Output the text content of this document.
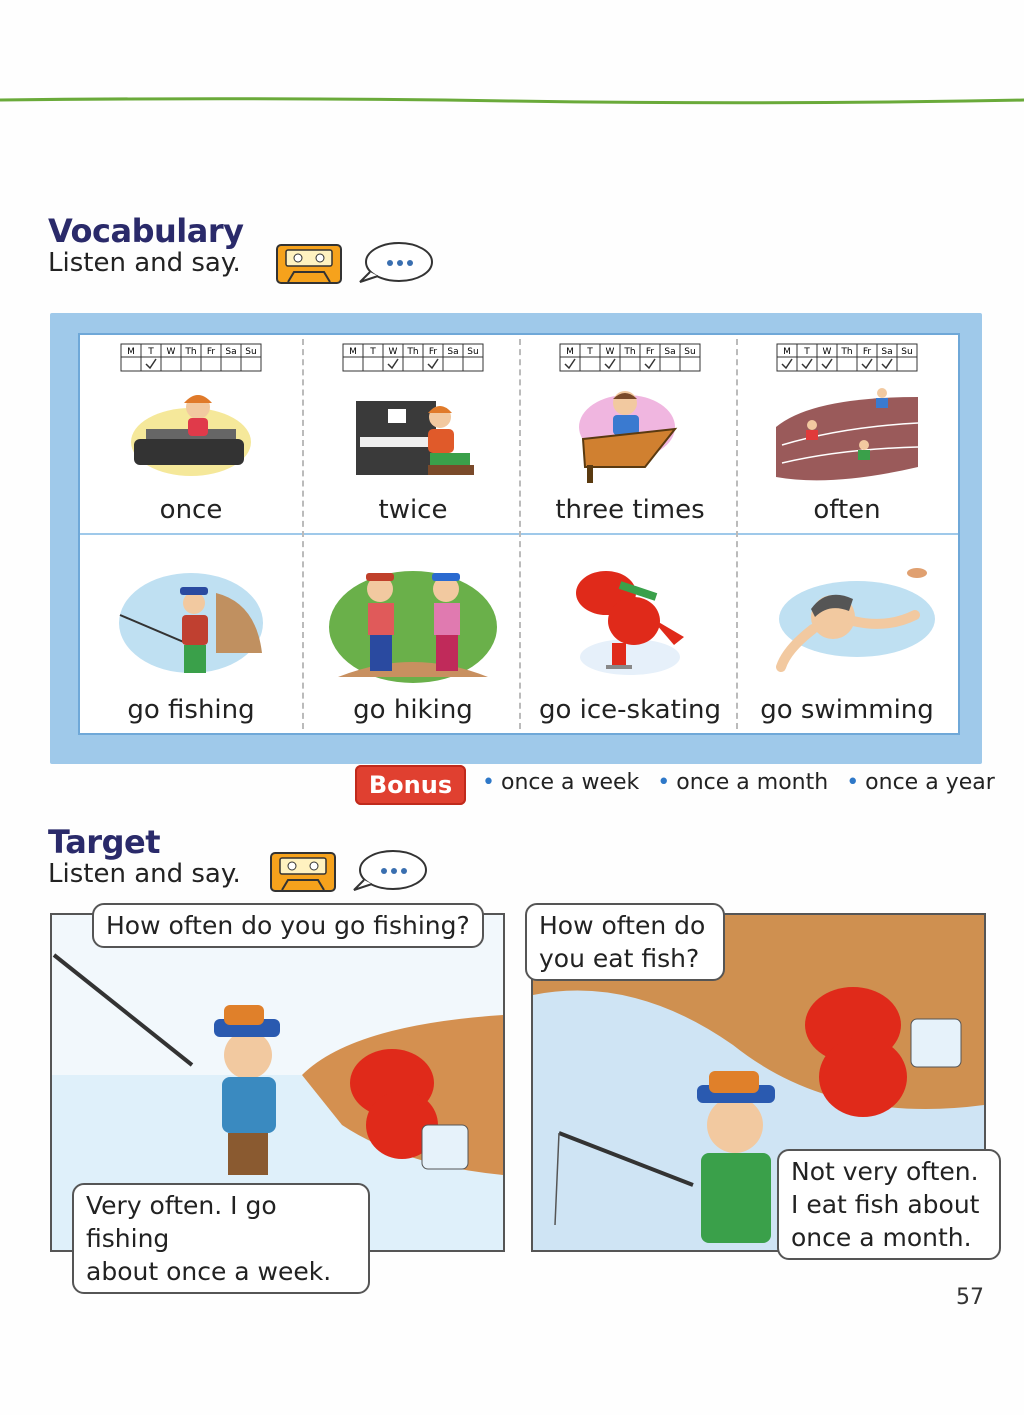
Vocabulary
Listen and say.
M T W Th Fr Sa Su
once
M T W Th Fr Sa Su
twice
M T W Th Fr Sa Su
three times
M T W Th Fr Sa Su
often
go fishing	go hiking	go ice-skating	go swimming
Bonus	• once a week • once a month • once a year
Target
Listen and say.
How often do you go fishing?
Very often. I go fishing
about once a week.
How often do
you eat fish?
Not very often.
I eat fish about
once a month.
57
